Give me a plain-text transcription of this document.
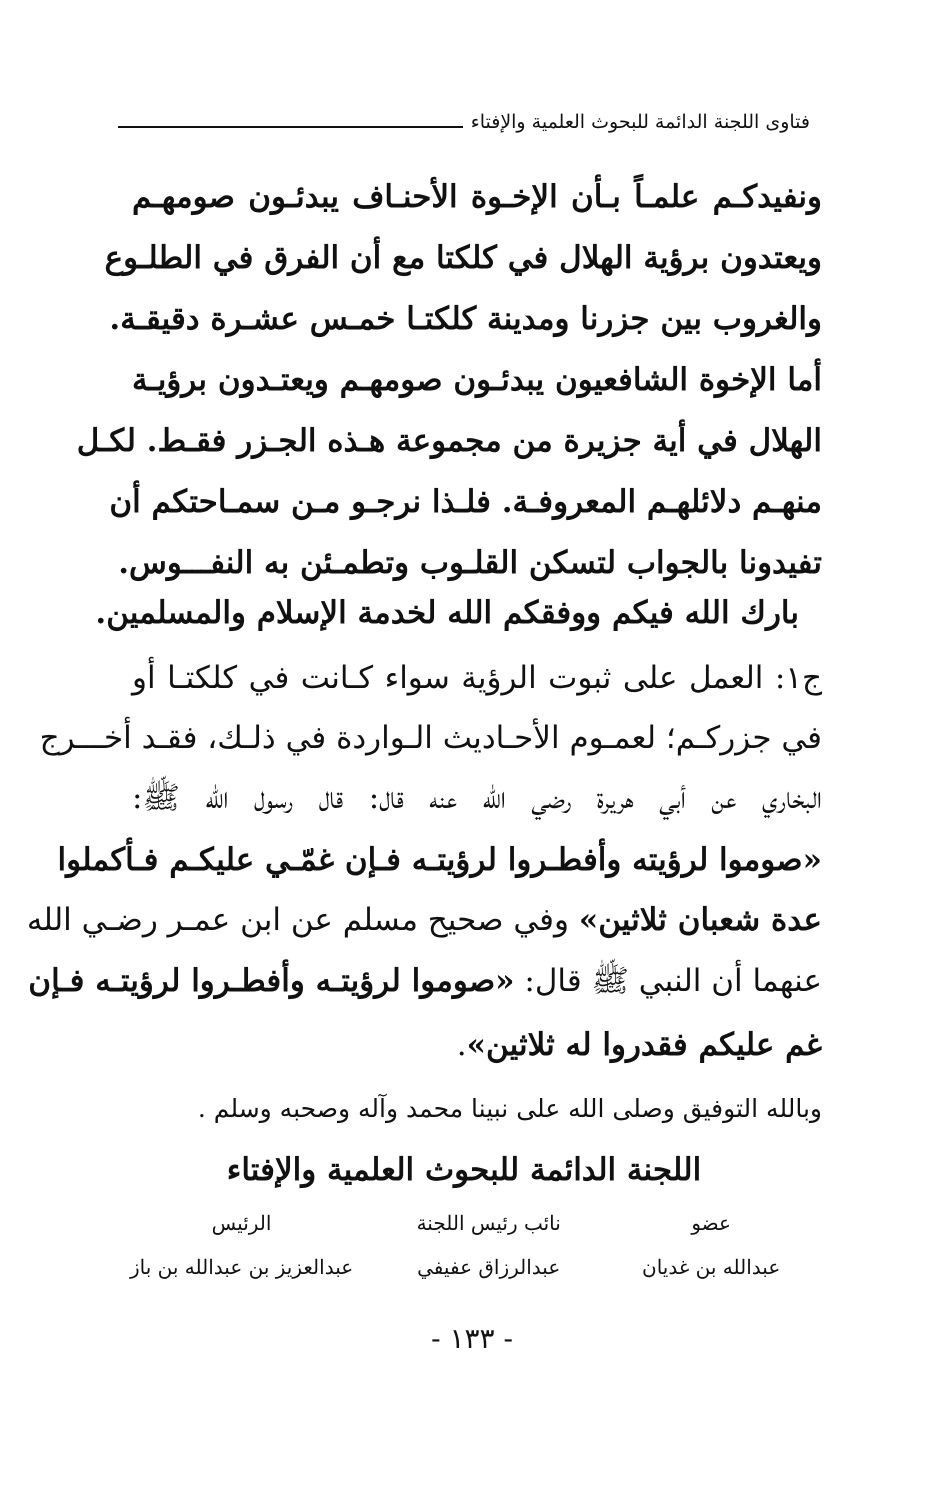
فتاوى اللجنة الدائمة للبحوث العلمية والإفتاء
ونفيدكـم علمـاً بـأن الإخـوة الأحنـاف يبدئـون صومهـم
ويعتدون برؤية الهلال في كلكتا مع أن الفرق في الطلـوع
والغروب بين جزرنا ومدينة كلكتـا خمـس عشـرة دقيقـة.
أما الإخوة الشافعيون يبدئـون صومهـم ويعتـدون برؤيـة
الهلال في أية جزيرة من مجموعة هـذه الجـزر فقـط. لكـل
منهـم دلائلهـم المعروفـة. فلـذا نرجـو مـن سمـاحتكم أن
تفيدونا بالجواب لتسكن القلـوب وتطمـئن به النفـــوس.
بارك الله فيكم ووفقكم الله لخدمة الإسلام والمسلمين.
ج١: العمل على ثبوت الرؤية سواء كـانت في كلكتـا أو
في جزركـم؛ لعمـوم الأحـاديث الـواردة في ذلـك، فقـد أخـــرج
البخاري عن أبي هريرة رضي الله عنه قال: قال رسول الله ﷺ:
«صوموا لرؤيته وأفطـروا لرؤيتـه فـإن غمّـي عليكـم فـأكملوا
عدة شعبان ثلاثين» وفي صحيح مسلم عن ابن عمـر رضـي الله
عنهما أن النبي ﷺ قال: «صوموا لرؤيتـه وأفطـروا لرؤيتـه فـإن
غم عليكم فقدروا له ثلاثين».
وبالله التوفيق وصلى الله على نبينا محمد وآله وصحبه وسلم .
اللجنة الدائمة للبحوث العلمية والإفتاء
عضو
نائب رئيس اللجنة
الرئيس
عبدالله بن غديان
عبدالرزاق عفيفي
عبدالعزيز بن عبدالله بن باز
- ١٣٣ -
